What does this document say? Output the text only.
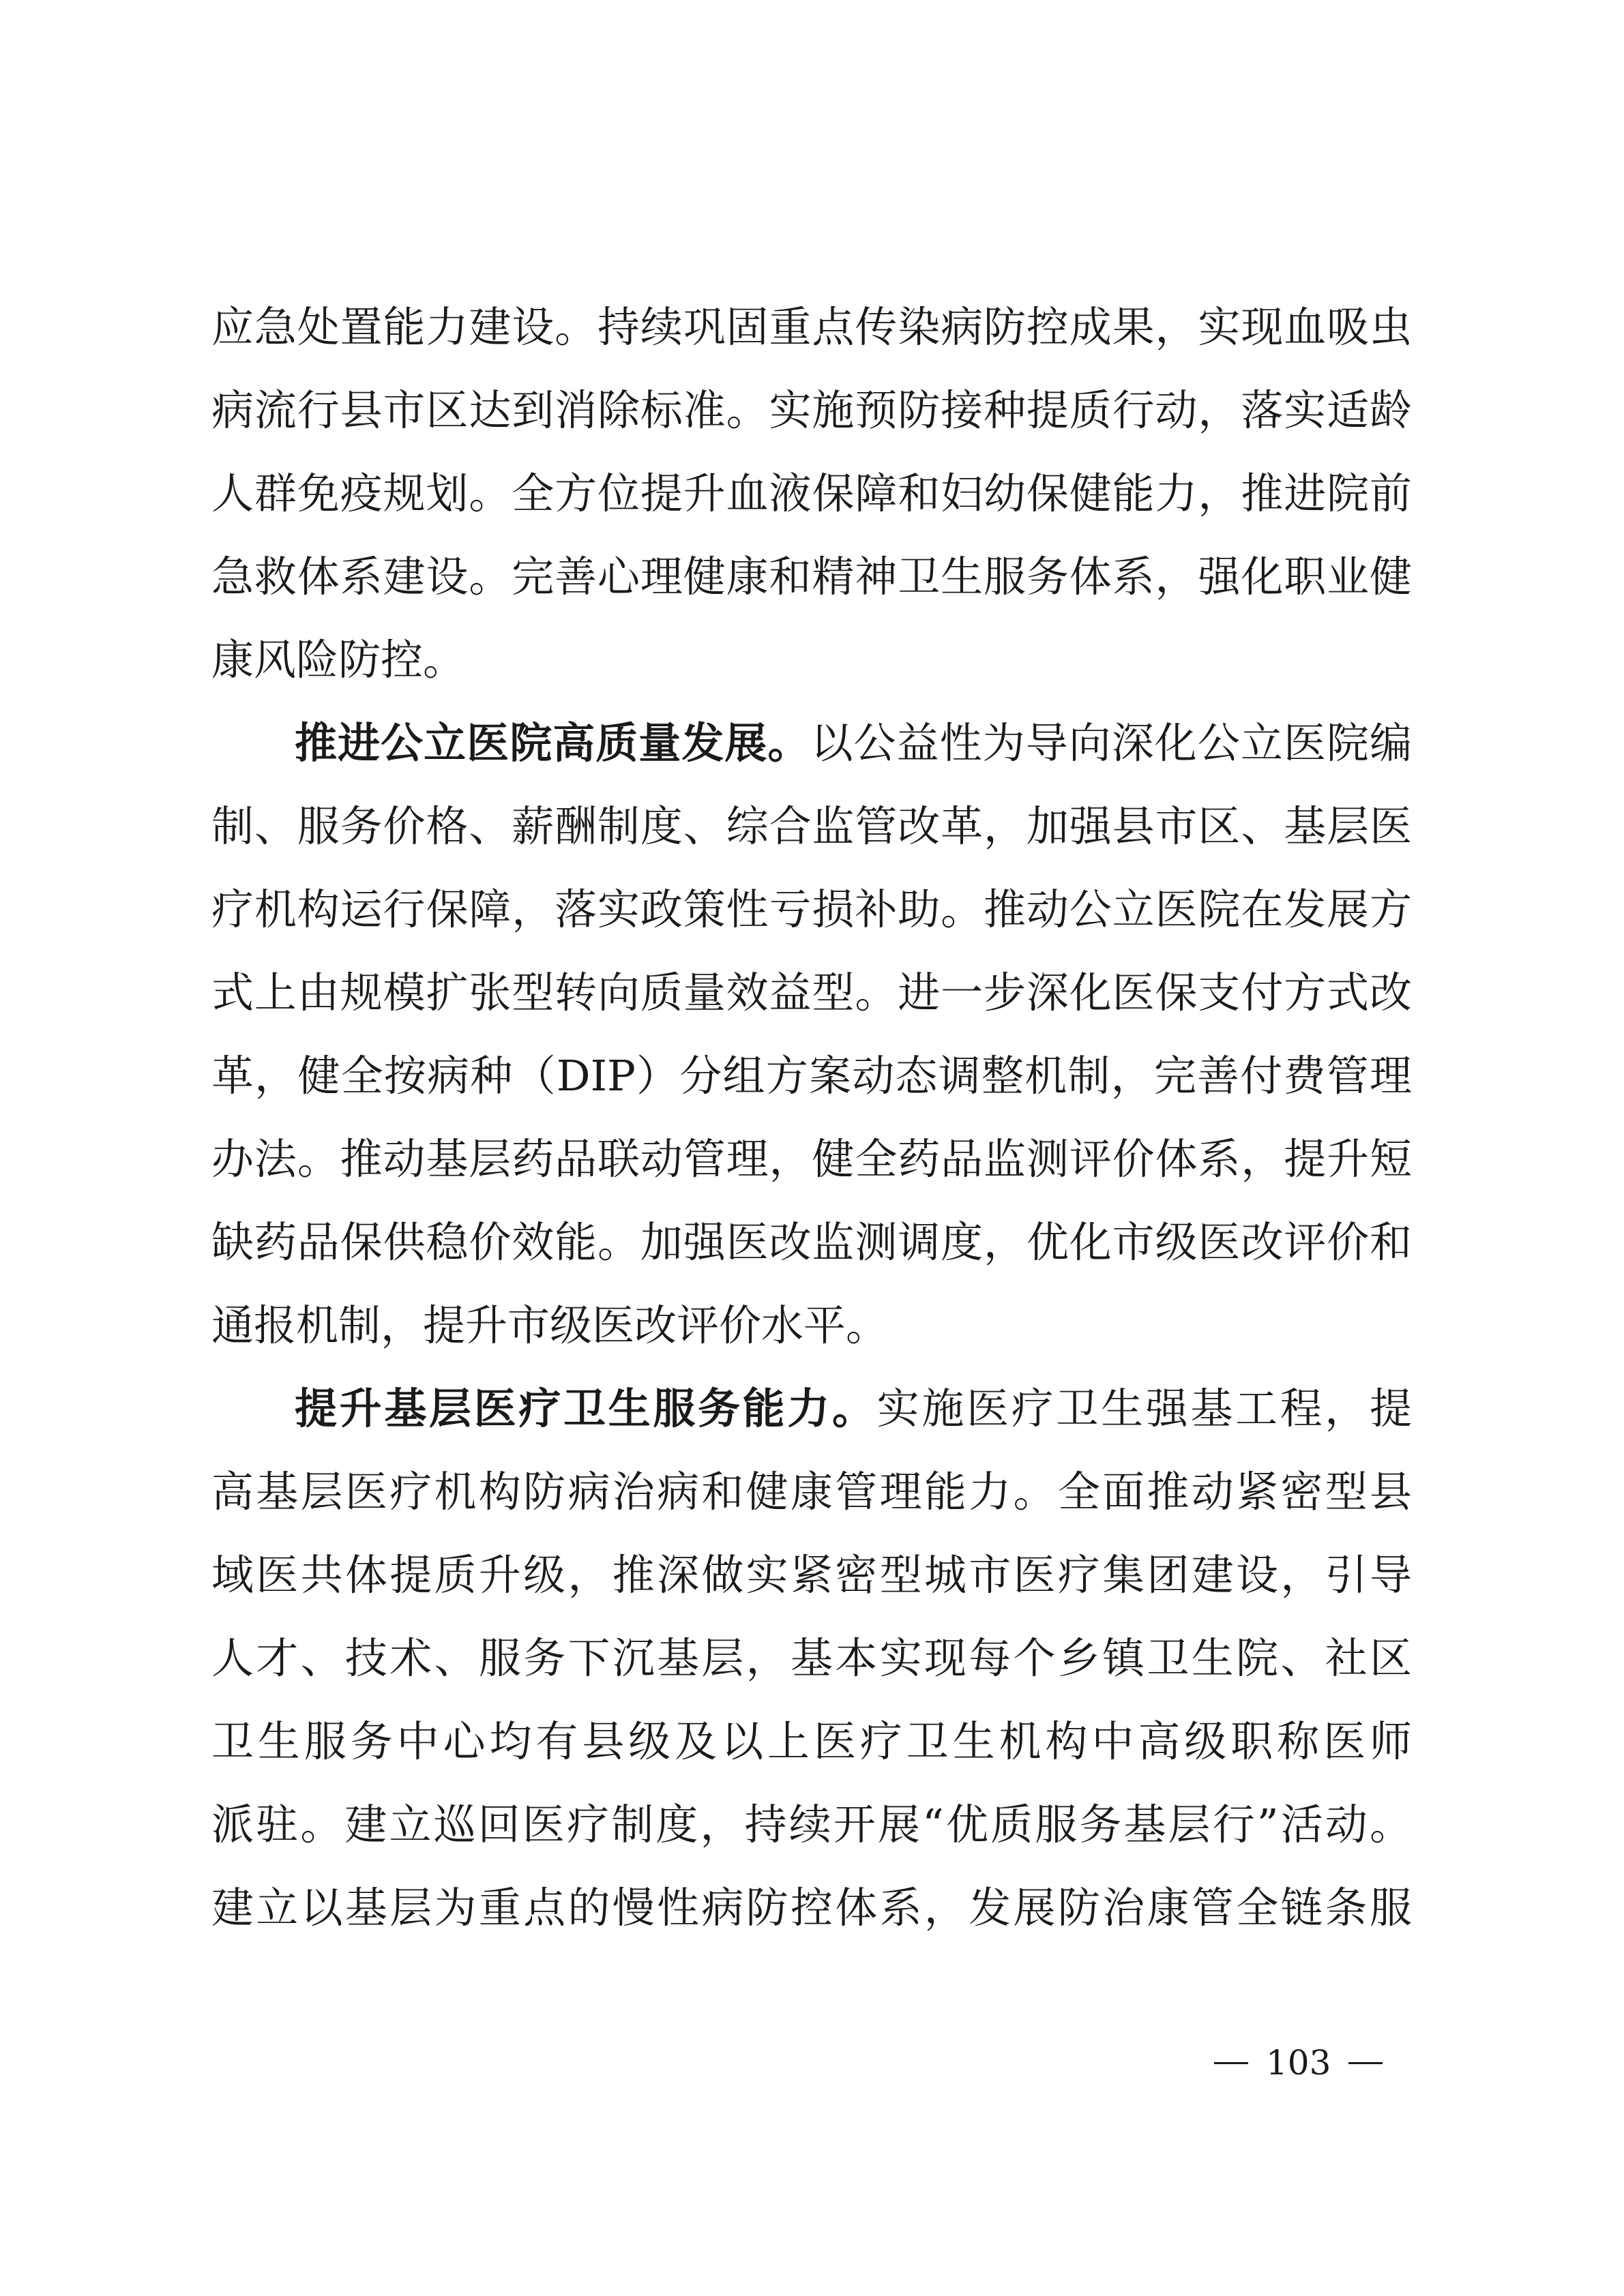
应急处置能力建设。持续巩固重点传染病防控成果，实现血吸虫
病流行县市区达到消除标准。实施预防接种提质行动，落实适龄
人群免疫规划。全方位提升血液保障和妇幼保健能力，推进院前
急救体系建设。完善心理健康和精神卫生服务体系，强化职业健
康风险防控。
推进公立医院高质量发展。以公益性为导向深化公立医院编
制、服务价格、薪酬制度、综合监管改革，加强县市区、基层医
疗机构运行保障，落实政策性亏损补助。推动公立医院在发展方
式上由规模扩张型转向质量效益型。进一步深化医保支付方式改
革，健全按病种（DIP）分组方案动态调整机制，完善付费管理
办法。推动基层药品联动管理，健全药品监测评价体系，提升短
缺药品保供稳价效能。加强医改监测调度，优化市级医改评价和
通报机制，提升市级医改评价水平。
提升基层医疗卫生服务能力。实施医疗卫生强基工程，提
高基层医疗机构防病治病和健康管理能力。全面推动紧密型县
域医共体提质升级，推深做实紧密型城市医疗集团建设，引导
人才、技术、服务下沉基层，基本实现每个乡镇卫生院、社区
卫生服务中心均有县级及以上医疗卫生机构中高级职称医师
派驻。建立巡回医疗制度，持续开展“优质服务基层行”活动。
建立以基层为重点的慢性病防控体系，发展防治康管全链条服
103
